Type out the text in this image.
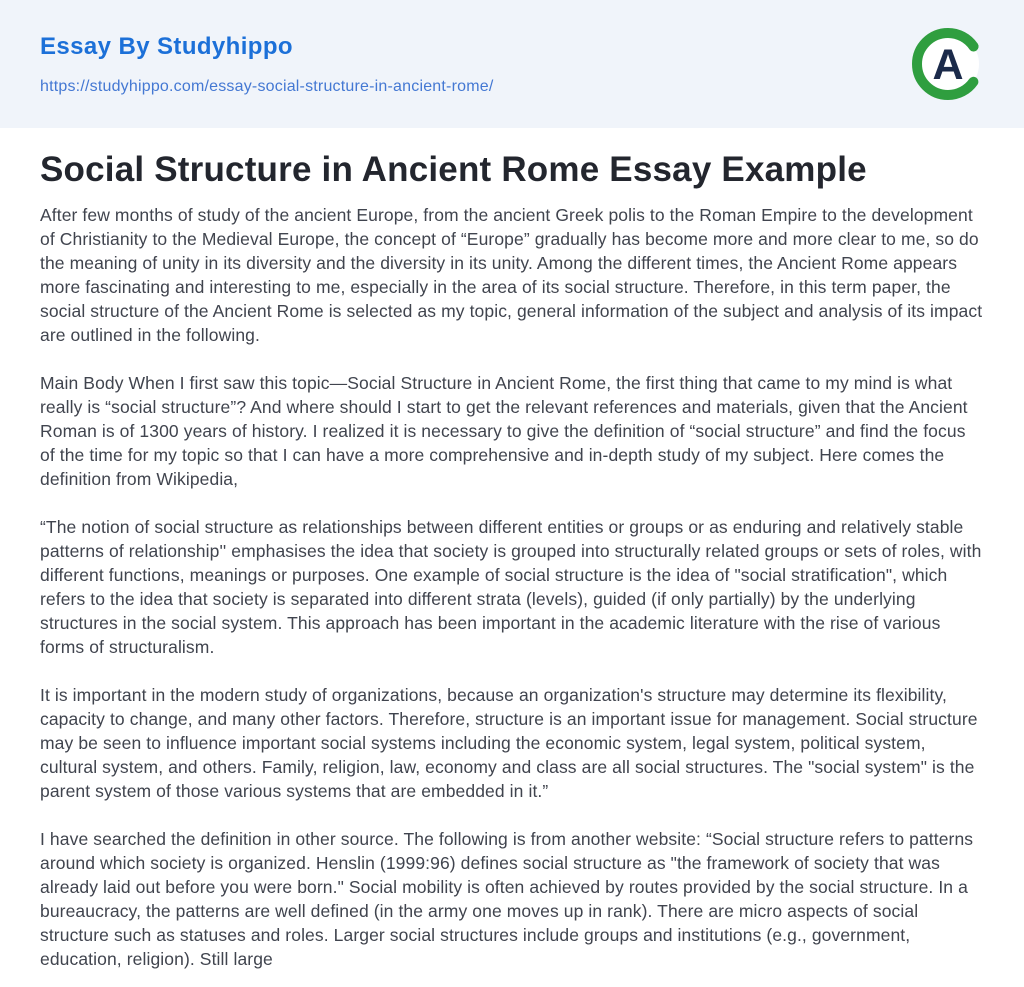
Essay By Studyhippo
https://studyhippo.com/essay-social-structure-in-ancient-rome/	A
Social Structure in Ancient Rome Essay Example

After few months of study of the ancient Europe, from the ancient Greek polis to the Roman Empire to the development of Christianity to the Medieval Europe, the concept of “Europe” gradually has become more and more clear to me, so do the meaning of unity in its diversity and the diversity in its unity. Among the different times, the Ancient Rome appears more fascinating and interesting to me, especially in the area of its social structure. Therefore, in this term paper, the social structure of the Ancient Rome is selected as my topic, general information of the subject and analysis of its impact are outlined in the following.

Main Body When I first saw this topic—Social Structure in Ancient Rome, the first thing that came to my mind is what really is “social structure”? And where should I start to get the relevant references and materials, given that the Ancient Roman is of 1300 years of history. I realized it is necessary to give the definition of “social structure” and find the focus of the time for my topic so that I can have a more comprehensive and in-depth study of my subject. Here comes the definition from Wikipedia,

“The notion of social structure as relationships between different entities or groups or as enduring and relatively stable patterns of relationship'' emphasises the idea that society is grouped into structurally related groups or sets of roles, with different functions, meanings or purposes. One example of social structure is the idea of "social stratification", which refers to the idea that society is separated into different strata (levels), guided (if only partially) by the underlying structures in the social system. This approach has been important in the academic literature with the rise of various forms of structuralism.

It is important in the modern study of organizations, because an organization's structure may determine its flexibility, capacity to change, and many other factors. Therefore, structure is an important issue for management. Social structure may be seen to influence important social systems including the economic system, legal system, political system, cultural system, and others. Family, religion, law, economy and class are all social structures. The "social system" is the parent system of those various systems that are embedded in it.”

I have searched the definition in other source. The following is from another website: “Social structure refers to patterns around which society is organized. Henslin (1999:96) defines social structure as "the framework of society that was already laid out before you were born." Social mobility is often achieved by routes provided by the social structure. In a bureaucracy, the patterns are well defined (in the army one moves up in rank). There are micro aspects of social structure such as statuses and roles. Larger social structures include groups and institutions (e.g., government, education, religion). Still large
